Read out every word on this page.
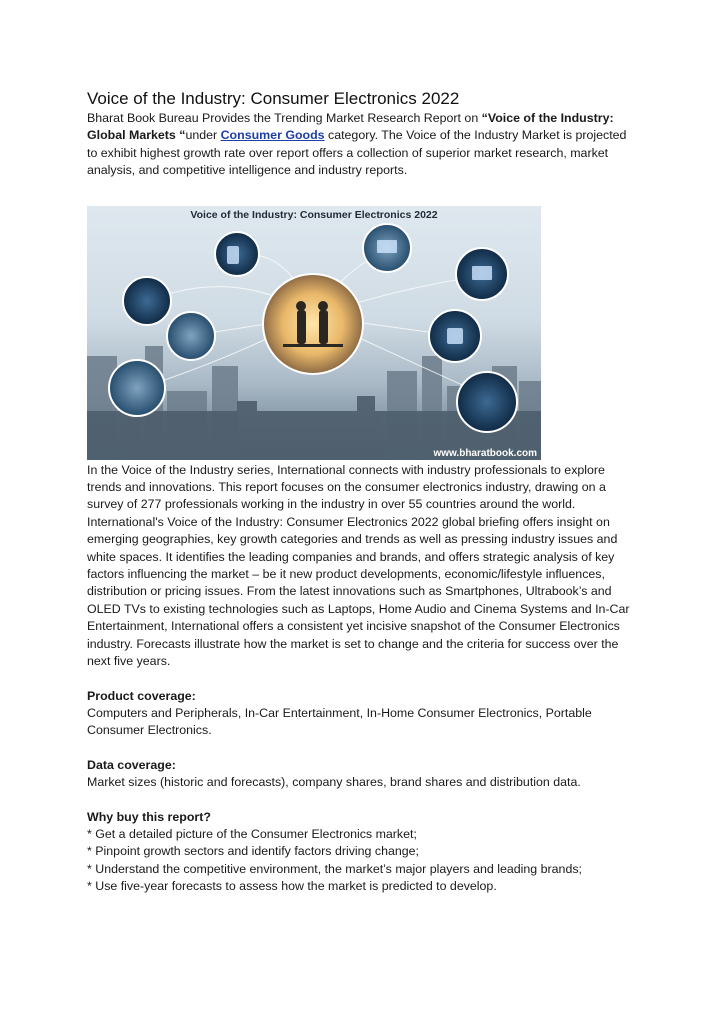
Voice of the Industry: Consumer Electronics 2022

Bharat Book Bureau Provides the Trending Market Research Report on “Voice of the Industry: Global Markets “under Consumer Goods category. The Voice of the Industry Market is projected to exhibit highest growth rate over report offers a collection of superior market research, market analysis, and competitive intelligence and industry reports.

Voice of the Industry: Consumer Electronics 2022
www.bharatbook.com

In the Voice of the Industry series, International connects with industry professionals to explore trends and innovations. This report focuses on the consumer electronics industry, drawing on a survey of 277 professionals working in the industry in over 55 countries around the world.

International's Voice of the Industry: Consumer Electronics 2022 global briefing offers insight on emerging geographies, key growth categories and trends as well as pressing industry issues and white spaces. It identifies the leading companies and brands, and offers strategic analysis of key factors influencing the market – be it new product developments, economic/lifestyle influences, distribution or pricing issues. From the latest innovations such as Smartphones, Ultrabook’s and OLED TVs to existing technologies such as Laptops, Home Audio and Cinema Systems and In-Car Entertainment, International offers a consistent yet incisive snapshot of the Consumer Electronics industry. Forecasts illustrate how the market is set to change and the criteria for success over the next five years.

Product coverage:

Computers and Peripherals, In-Car Entertainment, In-Home Consumer Electronics, Portable Consumer Electronics.

Data coverage:

Market sizes (historic and forecasts), company shares, brand shares and distribution data.

Why buy this report?

* Get a detailed picture of the Consumer Electronics market;

* Pinpoint growth sectors and identify factors driving change;

* Understand the competitive environment, the market’s major players and leading brands;

* Use five-year forecasts to assess how the market is predicted to develop.
